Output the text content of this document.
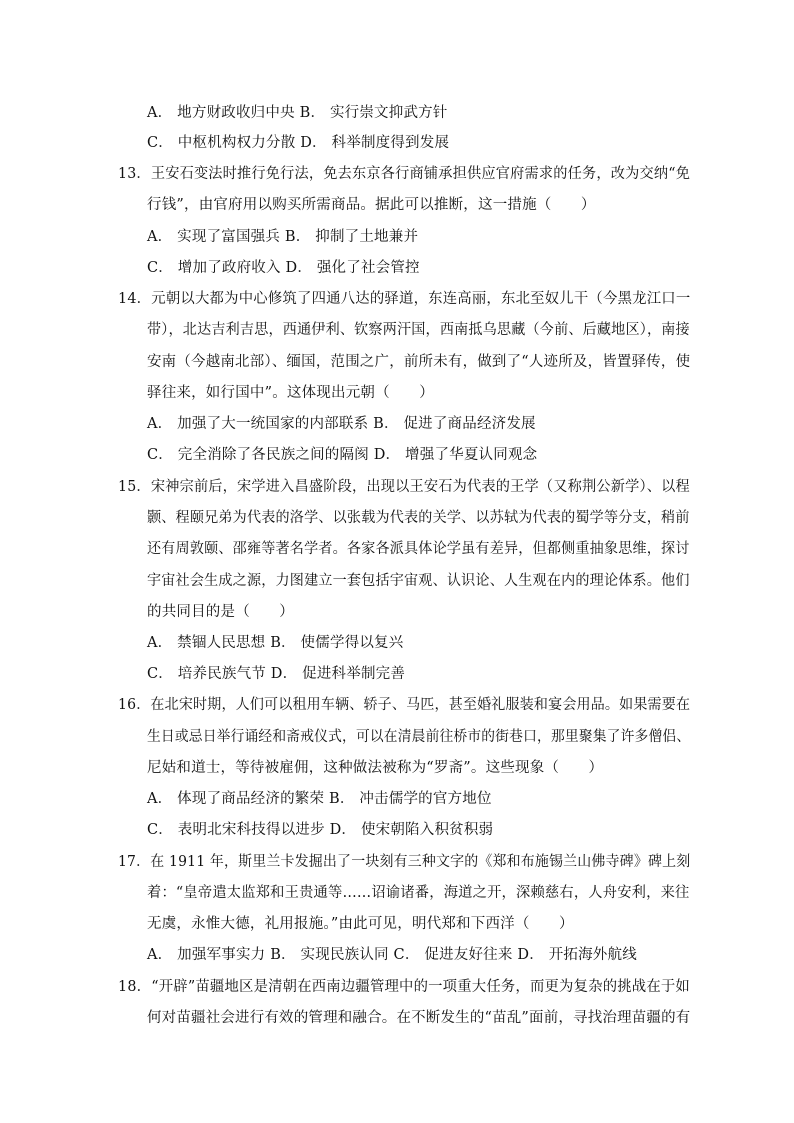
A． 地方财政收归中央 B． 实行崇文抑武方针
C． 中枢机构权力分散 D． 科举制度得到发展
13．王安石变法时推行免行法，免去东京各行商铺承担供应官府需求的任务，改为交纳“免
行钱”，由官府用以购买所需商品。据此可以推断，这一措施（　　）
A． 实现了富国强兵 B． 抑制了土地兼并
C． 增加了政府收入 D． 强化了社会管控
14．元朝以大都为中心修筑了四通八达的驿道，东连高丽，东北至奴儿干（今黑龙江口一
带），北达吉利吉思，西通伊利、钦察两汗国，西南抵乌思藏（今前、后藏地区），南接
安南（今越南北部）、缅国，范围之广，前所未有，做到了“人迹所及，皆置驿传，使
驿往来，如行国中”。这体现出元朝（　　）
A． 加强了大一统国家的内部联系 B． 促进了商品经济发展
C． 完全消除了各民族之间的隔阂 D． 增强了华夏认同观念
15．宋神宗前后，宋学进入昌盛阶段，出现以王安石为代表的王学（又称荆公新学）、以程
颢、程颐兄弟为代表的洛学、以张载为代表的关学、以苏轼为代表的蜀学等分支，稍前
还有周敦颐、邵雍等著名学者。各家各派具体论学虽有差异，但都侧重抽象思维，探讨
宇宙社会生成之源，力图建立一套包括宇宙观、认识论、人生观在内的理论体系。他们
的共同目的是（　　）
A． 禁锢人民思想 B． 使儒学得以复兴
C． 培养民族气节 D． 促进科举制完善
16．在北宋时期，人们可以租用车辆、轿子、马匹，甚至婚礼服装和宴会用品。如果需要在
生日或忌日举行诵经和斋戒仪式，可以在清晨前往桥市的街巷口，那里聚集了许多僧侣、
尼姑和道士，等待被雇佣，这种做法被称为“罗斋”。这些现象（　　）
A． 体现了商品经济的繁荣 B． 冲击儒学的官方地位
C． 表明北宋科技得以进步 D． 使宋朝陷入积贫积弱
17．在 1911 年，斯里兰卡发掘出了一块刻有三种文字的《郑和布施锡兰山佛寺碑》碑上刻
着：“皇帝遣太监郑和王贵通等……诏谕诸番，海道之开，深赖慈右，人舟安利，来往
无虞，永惟大德，礼用报施。”由此可见，明代郑和下西洋（　　）
A． 加强军事实力 B． 实现民族认同 C． 促进友好往来 D． 开拓海外航线
18．“开辟”苗疆地区是清朝在西南边疆管理中的一项重大任务，而更为复杂的挑战在于如
何对苗疆社会进行有效的管理和融合。在不断发生的“苗乱”面前，寻找治理苗疆的有
